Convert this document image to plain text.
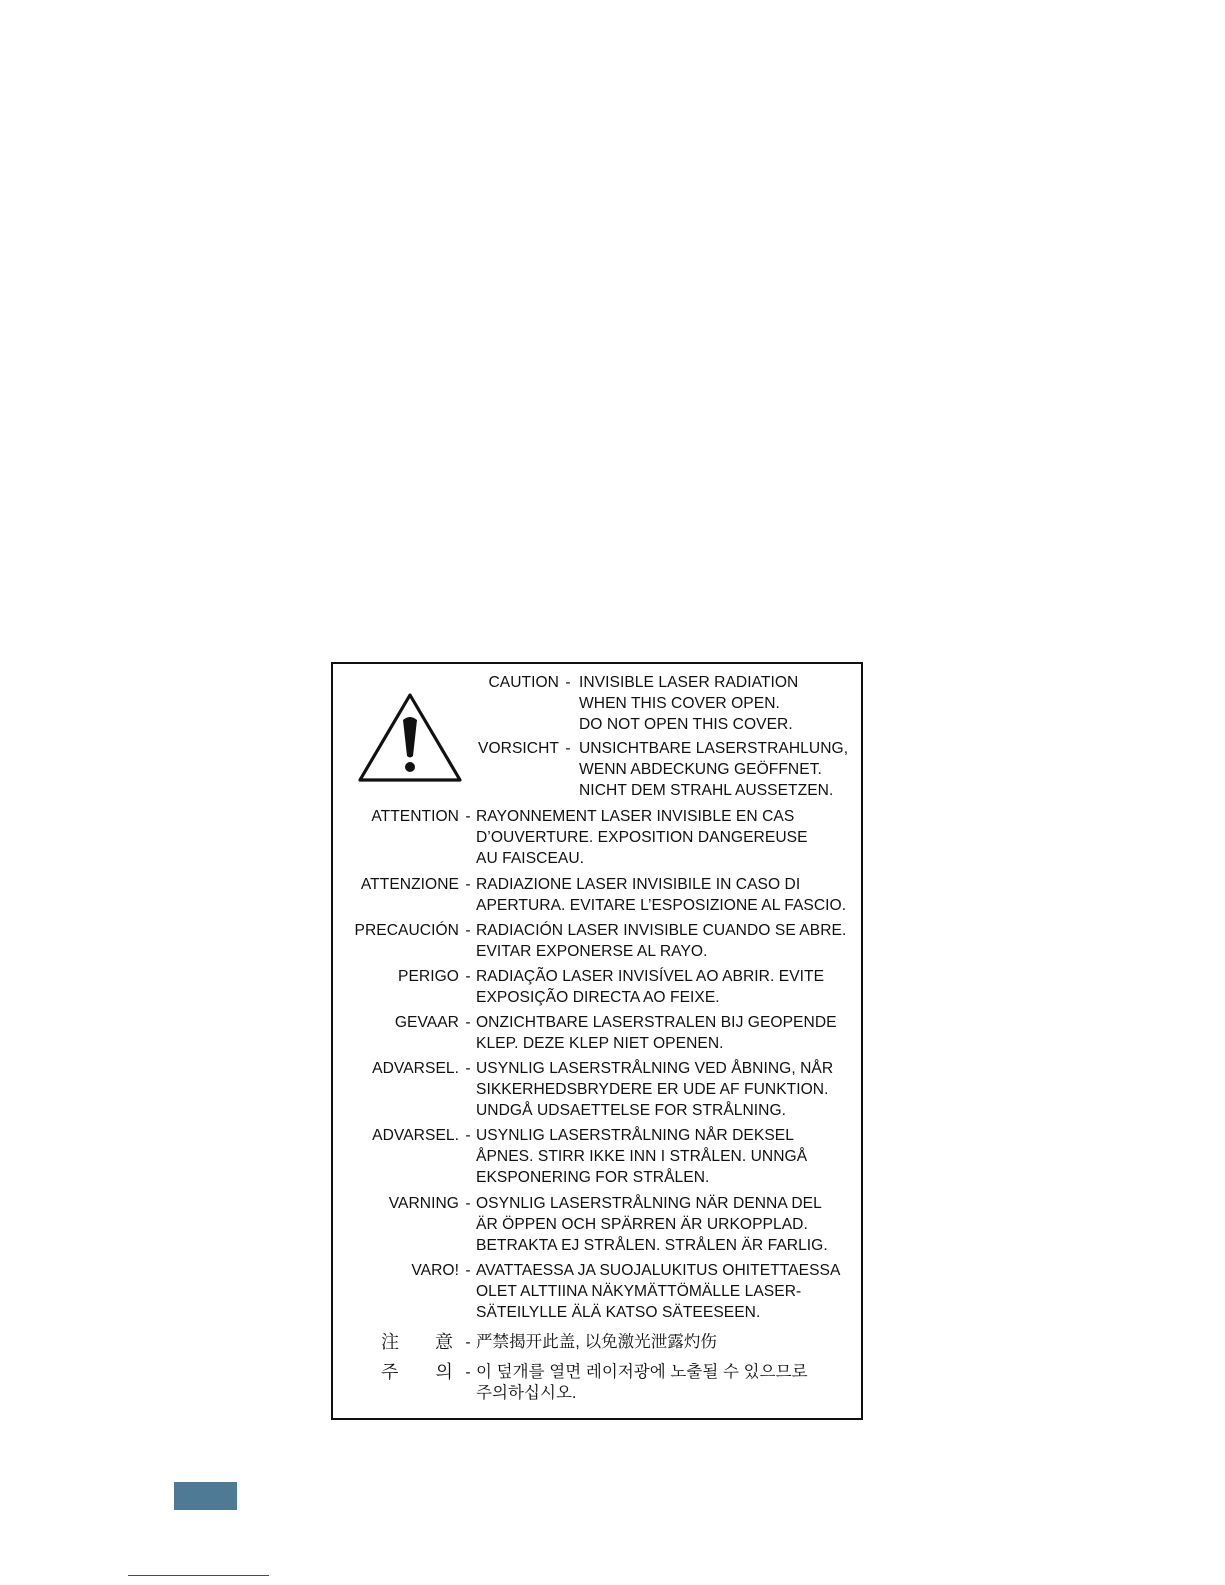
CAUTION - INVISIBLE LASER RADIATION
WHEN THIS COVER OPEN.
DO NOT OPEN THIS COVER.
VORSICHT - UNSICHTBARE LASERSTRAHLUNG,
WENN ABDECKUNG GEÖFFNET.
NICHT DEM STRAHL AUSSETZEN.
ATTENTION - RAYONNEMENT LASER INVISIBLE EN CAS
D’OUVERTURE. EXPOSITION DANGEREUSE
AU FAISCEAU.
ATTENZIONE - RADIAZIONE LASER INVISIBILE IN CASO DI
APERTURA. EVITARE L’ESPOSIZIONE AL FASCIO.
PRECAUCIÓN - RADIACIÓN LASER INVISIBLE CUANDO SE ABRE.
EVITAR EXPONERSE AL RAYO.
PERIGO - RADIAÇÃO LASER INVISÍVEL AO ABRIR. EVITE
EXPOSIÇÃO DIRECTA AO FEIXE.
GEVAAR - ONZICHTBARE LASERSTRALEN BIJ GEOPENDE
KLEP. DEZE KLEP NIET OPENEN.
ADVARSEL. - USYNLIG LASERSTRÅLNING VED ÅBNING, NÅR
SIKKERHEDSBRYDERE ER UDE AF FUNKTION.
UNDGÅ UDSAETTELSE FOR STRÅLNING.
ADVARSEL. - USYNLIG LASERSTRÅLNING NÅR DEKSEL
ÅPNES. STIRR IKKE INN I STRÅLEN. UNNGÅ
EKSPONERING FOR STRÅLEN.
VARNING - OSYNLIG LASERSTRÅLNING NÄR DENNA DEL
ÄR ÖPPEN OCH SPÄRREN ÄR URKOPPLAD.
BETRAKTA EJ STRÅLEN. STRÅLEN ÄR FARLIG.
VARO! - AVATTAESSA JA SUOJALUKITUS OHITETTAESSA
OLET ALTTIINA NÄKYMÄTTÖMÄLLE LASER-
SÄTEILYLLE ÄLÄ KATSO SÄTEESEEN.
注 意 - 严禁揭开此盖, 以免激光泄露灼伤
주 의 - 이 덮개를 열면 레이저광에 노출될 수 있으므로
주의하십시오.
